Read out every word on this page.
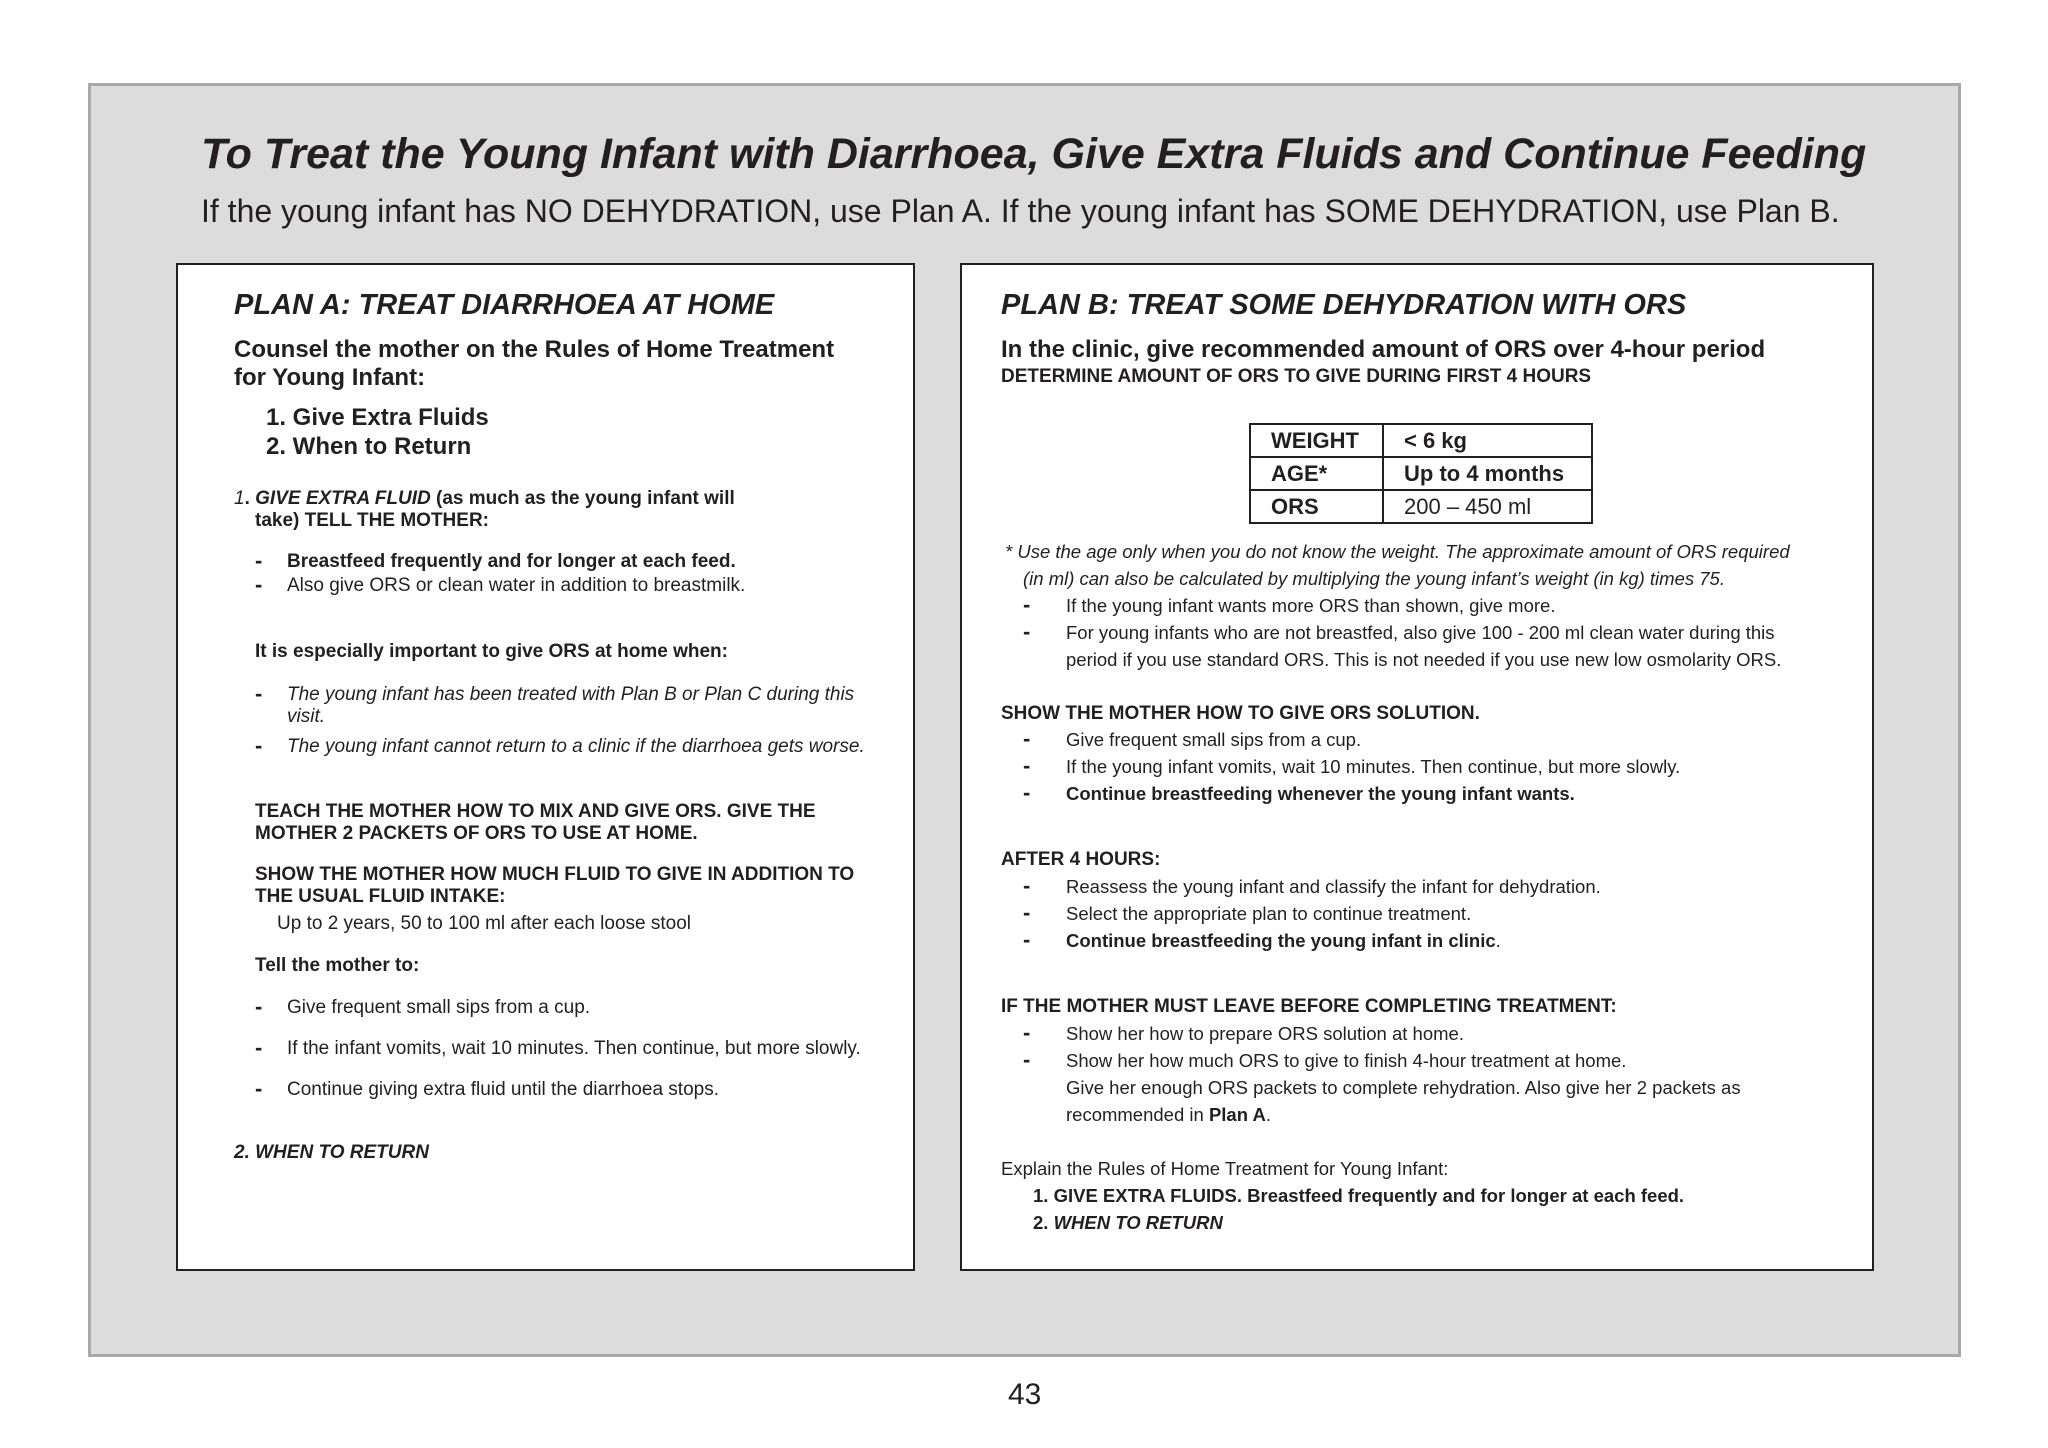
To Treat the Young Infant with Diarrhoea, Give Extra Fluids and Continue Feeding

If the young infant has NO DEHYDRATION, use Plan A. If the young infant has SOME DEHYDRATION, use Plan B.

PLAN A: TREAT DIARRHOEA AT HOME
Counsel the mother on the Rules of Home Treatment
for Young Infant:
1. Give Extra Fluids
2. When to Return
1. GIVE EXTRA FLUID (as much as the young infant will
take) TELL THE MOTHER:
- Breastfeed frequently and for longer at each feed.
- Also give ORS or clean water in addition to breastmilk.
It is especially important to give ORS at home when:
- The young infant has been treated with Plan B or Plan C during this
visit.
- The young infant cannot return to a clinic if the diarrhoea gets worse.
TEACH THE MOTHER HOW TO MIX AND GIVE ORS. GIVE THE
MOTHER 2 PACKETS OF ORS TO USE AT HOME.
SHOW THE MOTHER HOW MUCH FLUID TO GIVE IN ADDITION TO
THE USUAL FLUID INTAKE:
Up to 2 years, 50 to 100 ml after each loose stool
Tell the mother to:
- Give frequent small sips from a cup.
- If the infant vomits, wait 10 minutes. Then continue, but more slowly.
- Continue giving extra fluid until the diarrhoea stops.
2. WHEN TO RETURN
PLAN B: TREAT SOME DEHYDRATION WITH ORS
In the clinic, give recommended amount of ORS over 4-hour period
DETERMINE AMOUNT OF ORS TO GIVE DURING FIRST 4 HOURS
WEIGHT	< 6 kg
AGE*	Up to 4 months
ORS	200 – 450 ml
* Use the age only when you do not know the weight. The approximate amount of ORS required
(in ml) can also be calculated by multiplying the young infant’s weight (in kg) times 75.
- If the young infant wants more ORS than shown, give more.
- For young infants who are not breastfed, also give 100 - 200 ml clean water during this
period if you use standard ORS. This is not needed if you use new low osmolarity ORS.
SHOW THE MOTHER HOW TO GIVE ORS SOLUTION.
- Give frequent small sips from a cup.
- If the young infant vomits, wait 10 minutes. Then continue, but more slowly.
- Continue breastfeeding whenever the young infant wants.
AFTER 4 HOURS:
- Reassess the young infant and classify the infant for dehydration.
- Select the appropriate plan to continue treatment.
- Continue breastfeeding the young infant in clinic.
IF THE MOTHER MUST LEAVE BEFORE COMPLETING TREATMENT:
- Show her how to prepare ORS solution at home.
- Show her how much ORS to give to finish 4-hour treatment at home.
Give her enough ORS packets to complete rehydration. Also give her 2 packets as
recommended in Plan A.
Explain the Rules of Home Treatment for Young Infant:
1. GIVE EXTRA FLUIDS. Breastfeed frequently and for longer at each feed.
2. WHEN TO RETURN
43
